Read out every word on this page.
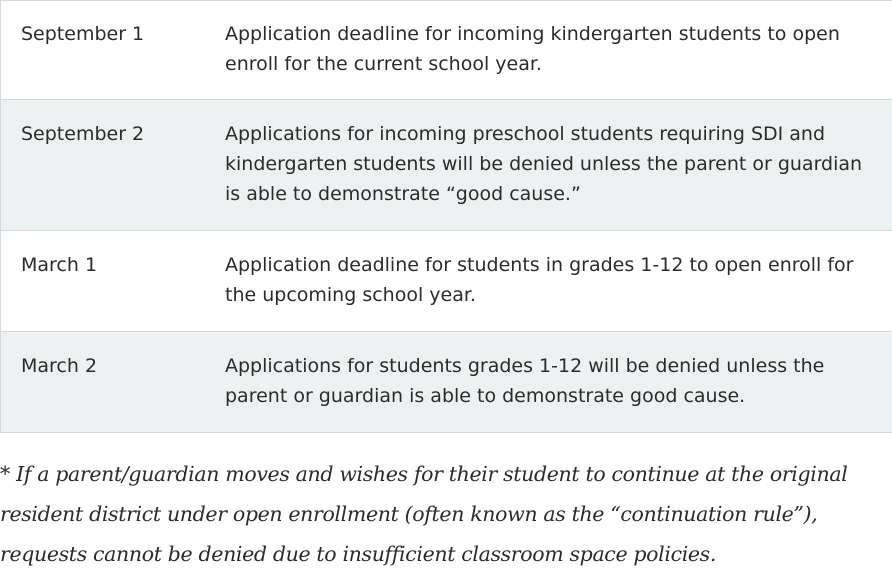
September 1	Application deadline for incoming kindergarten students to open enroll for the current school year.
September 2	Applications for incoming preschool students requiring SDI and kindergarten students will be denied unless the parent or guardian is able to demonstrate “good cause.”
March 1	Application deadline for students in grades 1-12 to open enroll for the upcoming school year.
March 2	Applications for students grades 1-12 will be denied unless the parent or guardian is able to demonstrate good cause.

* If a parent/guardian moves and wishes for their student to continue at the original resident district under open enrollment (often known as the “continuation rule”), requests cannot be denied due to insufficient classroom space policies.
